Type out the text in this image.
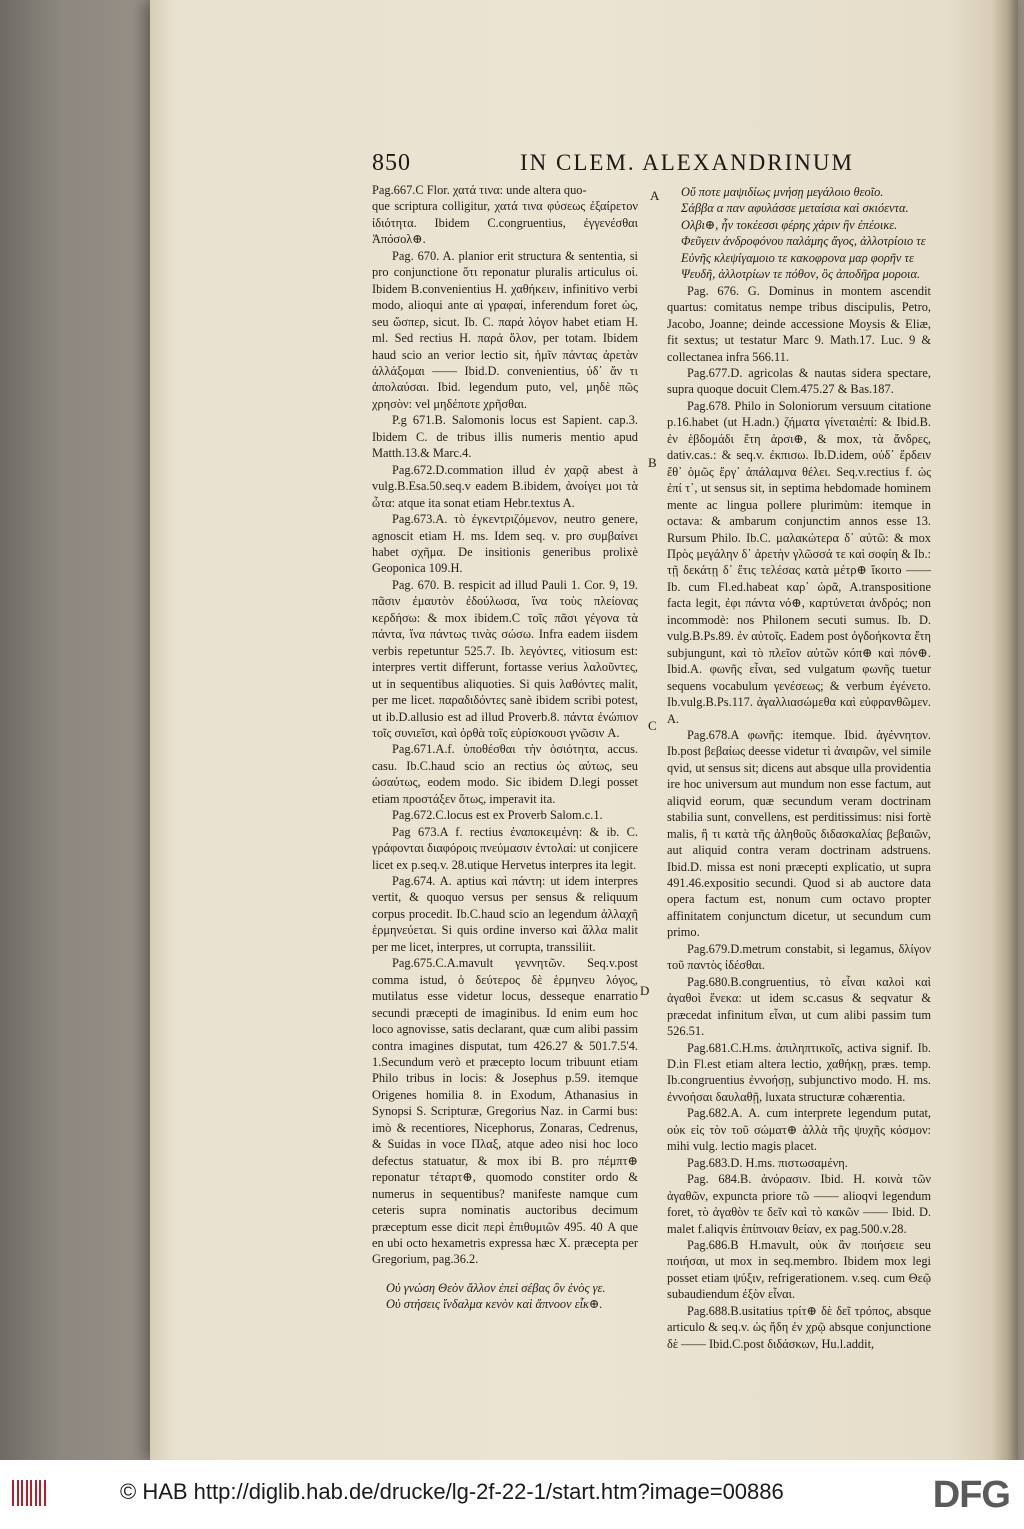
850	IN CLEM. ALEXANDRINUM
A
B
C
D

Pag.667.C Flor. χατά τινα: unde altera quo-

que scriptura colligitur, χατά τινα φύσεως ἐξαίρετον ἰδιότητα. Ibidem C.congruentius, ἐγγενέσθαι Ἀπόσολ⊕.

Pag. 670. A. planior erit structura & sententia, si pro conjunctione ὅτι reponatur pluralis articulus οἱ. Ibidem B.convenientius H. χαθήκειν, infinitivo verbi modo, alioqui ante αἱ γραφαί, inferendum foret ὡς, seu ὥσπερ, sicut. Ib. C. παρά λόγον habet etiam H. ml. Sed rectius H. παρά ὅλον, per totam. Ibidem haud scio an verior lectio sit, ἡμῖν πάντας ἀρετὰν ἀλλάξομαι —— Ibid.D. convenientius, ὑδ᾽ ἄν τι ἀπολαύσαι. Ibid. legendum puto, vel, μηδὲ πῶς χρησὸν: vel μηδέποτε χρῆσθαι.

P.g 671.B. Salomonis locus est Sapient. cap.3. Ibidem C. de tribus illis numeris mentio apud Matth.13.& Marc.4.

Pag.672.D.commation illud ἐν χαρᾷ abest à vulg.B.Esa.50.seq.v eadem B.ibidem, ἀνοίγει μοι τὰ ὦτα: atque ita sonat etiam Hebr.textus A.

Pag.673.A. τὸ ἐγκεντριζόμενον, neutro genere, agnoscit etiam H. ms. Idem seq. v. pro συμβαίνει habet σχῆμα. De insitionis generibus prolixè Geoponica 109.H.

Pag. 670. B. respicit ad illud Pauli 1. Cor. 9, 19. πᾶσιν ἐμαυτὸν ἐδούλωσα, ἵνα τοὺς πλείονας κερδήσω: & mox ibidem.C τοῖς πᾶσι γέγονα τὰ πάντα, ἵνα πάντως τινὰς σώσω. Infra eadem iisdem verbis repetuntur 525.7. Ib. λεγόντες, vitiosum est: interpres vertit differunt, fortasse verius λαλοῦντες, ut in sequentibus aliquoties. Si quis λαθόντες malit, per me licet. παραδιδόντες sanè ibidem scribi potest, ut ib.D.allusio est ad illud Proverb.8. πάντα ἐνώπιον τοῖς συνιεῖσι, καὶ ὀρθὰ τοῖς εὑρίσκουσι γνῶσιν A.

Pag.671.A.f. ὑποθέσθαι τὴν ὁσιότητα, accus. casu. Ib.C.haud scio an rectius ὡς αὐτως, seu ὡσαύτως, eodem modo. Sic ibidem D.legi posset etiam προστάξεν ὅτως, imperavit ita.

Pag.672.C.locus est ex Proverb Salom.c.1.

Pag 673.A f. rectius ἐναποκειμένη: & ib. C. γράφονται διαφόροις πνεύμασιν ἐντολαί: ut conjicere licet ex p.seq.v. 28.utique Hervetus interpres ita legit.

Pag.674. A. aptius καὶ πάντη: ut idem interpres vertit, & quoquo versus per sensus & reliquum corpus procedit. Ib.C.haud scio an legendum ἀλλαχῆ ἑρμηνεύεται. Si quis ordine inverso καὶ ἄλλα malit per me licet, interpres, ut corrupta, transsiliit.

Pag.675.C.A.mavult γεννητῶν. Seq.v.post comma istud, ὁ δεύτερος δὲ ἑρμηνευ λόγος, mutilatus esse videtur locus, desseque enarratio secundi præcepti de imaginibus. Id enim eum hoc loco agnovisse, satis declarant, quæ cum alibi passim contra imagines disputat, tum 426.27 & 501.7.5'4. 1.Secundum verò et præcepto locum tribuunt etiam Philo tribus in locis: & Josephus p.59. itemque Origenes homilia 8. in Exodum, Athanasius in Synopsi S. Scripturæ, Gregorius Naz. in Carmi bus: imò & recentiores, Nicephorus, Zonaras, Cedrenus, & Suidas in voce Πλαξ, atque adeo nisi hoc loco defectus statuatur, & mox ibi B. pro πέμπτ⊕ reponatur τέταρτ⊕, quomodo constiter ordo & numerus in sequentibus? manifeste namque cum ceteris supra nominatis auctoribus decimum præceptum esse dicit περὶ ἐπιθυμιῶν 495. 40 A que en ubi octo hexametris expressa hæc X. præcepta per Gregorium, pag.36.2.

Οὐ γνώση Θεὸν ἄλλον ἐπεὶ σέβας ὂν ἑνὸς γε.

Οὐ στήσεις ἴνδαλμα κενὸν καὶ ἄπνοον εἶκ⊕.

Οὔ ποτε μαψιδίως μνήσῃ μεγάλοιο θεοῖο.

Σάββα α παν αφυλάσσε μεταίσια καὶ σκιόεντα.

Ολβι⊕, ἦν τοκέεσσι φέρης χάριν ἣν ἐπέοικε.

Φεῦγειν ἀνδροφόνου παλάμης ἄγος, ἀλλοτρίοιο τε

Εὐνῆς κλεψίγαμοιο τε κακοφρονα μαρ φορῆν τε

Ψευδῆ, ἀλλοτρίων τε πόθον, ὃς ἀποδῆρα μοροια.

Pag. 676. G. Dominus in montem ascendit quartus: comitatus nempe tribus discipulis, Petro, Jacobo, Joanne; deinde accessione Moysis & Eliæ, fit sextus; ut testatur Marc 9. Math.17. Luc. 9 & collectanea infra 566.11.

Pag.677.D. agricolas & nautas sidera spectare, supra quoque docuit Clem.475.27 & Bas.187.

Pag.678. Philo in Soloniorum versuum citatione p.16.habet (ut H.adn.) ζήματα γίνεταιἐπί: & Ibid.B. ἐν ἑβδομάδι ἔτη ἀρσι⊕, & mox, τὰ ἄνδρες, dativ.cas.: & seq.v. ἐκπισω. Ib.D.idem, οὐδ᾽ ἔρδειν ἔθ᾽ ὁμῶς ἔργ᾽ ἀπάλαμνα θέλει. Seq.v.rectius f. ὡς ἐπί τ᾽, ut sensus sit, in septima hebdomade hominem mente ac lingua pollere plurimùm: itemque in octava: & ambarum conjunctim annos esse 13. Rursum Philo. Ib.C. μαλακώτερα δ᾽ αὐτῶ: & mox Πρὸς μεγάλην δ᾽ ἀρετὴν γλῶσσά τε καὶ σοφίη & Ib.: τῇ δεκάτῃ δ᾽ ἔτις τελέσας κατὰ μέτρ⊕ ἵκοιτο —— Ib. cum Fl.ed.habeat καρ᾽ ὡρᾶ, A.transpositione facta legit, ἐφι πάντα νό⊕, καρτύνεται ἀνδρός; non incommodè: nos Philonem secuti sumus. Ib. D. vulg.B.Ps.89. ἐν αὐτοῖς. Eadem post ὀγδοήκοντα ἔτη subjungunt, καὶ τὸ πλεῖον αὐτῶν κόπ⊕ καὶ πόν⊕. Ibid.A. φωνῆς εἶναι, sed vulgatum φωνῆς tuetur sequens vocabulum γενέσεως; & verbum ἐγένετο. Ib.vulg.B.Ps.117. ἀγαλλιασώμεθα καὶ εὐφρανθῶμεν. A.

Pag.678.A φωνῆς: itemque. Ibid. ἀγέννητον. Ib.post βεβαίως deesse videtur τὶ ἀναιρῶν, vel simile qvid, ut sensus sit; dicens aut absque ulla providentia ire hoc universum aut mundum non esse factum, aut aliqvid eorum, quæ secundum veram doctrinam stabilia sunt, convellens, est perditissimus: nisi fortè malis, ἢ τι κατὰ τῆς ἀληθοῦς διδασκαλίας βεβαιῶν, aut aliquid contra veram doctrinam adstruens. Ibid.D. missa est noni præcepti explicatio, ut supra 491.46.expositio secundi. Quod si ab auctore data opera factum est, nonum cum octavo propter affinitatem conjunctum dicetur, ut secundum cum primo.

Pag.679.D.metrum constabit, si legamus, δλίγον τοῦ παντὸς ἰδέσθαι.

Pag.680.B.congruentius, τὸ εἶναι καλοὶ καὶ ἀγαθοὶ ἕνεκα: ut idem sc.casus & seqvatur & præcedat infinitum εἶναι, ut cum alibi passim tum 526.51.

Pag.681.C.H.ms. ἀπιληπτικοῖς, activa signif. Ib. D.in Fl.est etiam altera lectio, χαθήκῃ, præs. temp. Ib.congruentius ἐννοήσῃ, subjunctivo modo. H. ms. ἐννοήσαι δαυλαθῇ, luxata structuræ cohærentia.

Pag.682.A. A. cum interprete legendum putat, οὐκ εἰς τὸν τοῦ σώματ⊕ ἀλλὰ τῆς ψυχῆς κόσμον: mihi vulg. lectio magis placet.

Pag.683.D. H.ms. πιστωσαμένη.

Pag. 684.B. ἀνόρασιν. Ibid. H. κοινὰ τῶν ἀγαθῶν, expuncta priore τῶ —— alioqvi legendum foret, τὸ ἀγαθὸν τε δεῖν καὶ τὸ κακῶν —— Ibid. D. malet f.aliqvis ἐπίπνοιαν θείαν, ex pag.500.v.28.

Pag.686.B H.mavult, οὐκ ἂν ποιήσειε seu ποιήσαι, ut mox in seq.membro. Ibidem mox legi posset etiam ψύξιν, refrigerationem. v.seq. cum Θεῷ subaudiendum ἐξὸν εἶναι.

Pag.688.B.usitatius τρίτ⊕ δὲ δεῖ τρόπος, absque articulo & seq.v. ὡς ἤδη ἐν χρῷ absque conjunctione δὲ —— Ibid.C.post διδάσκων, Hu.l.addit,

© HAB http://diglib.hab.de/drucke/lg-2f-22-1/start.htm?image=00886	DFG
